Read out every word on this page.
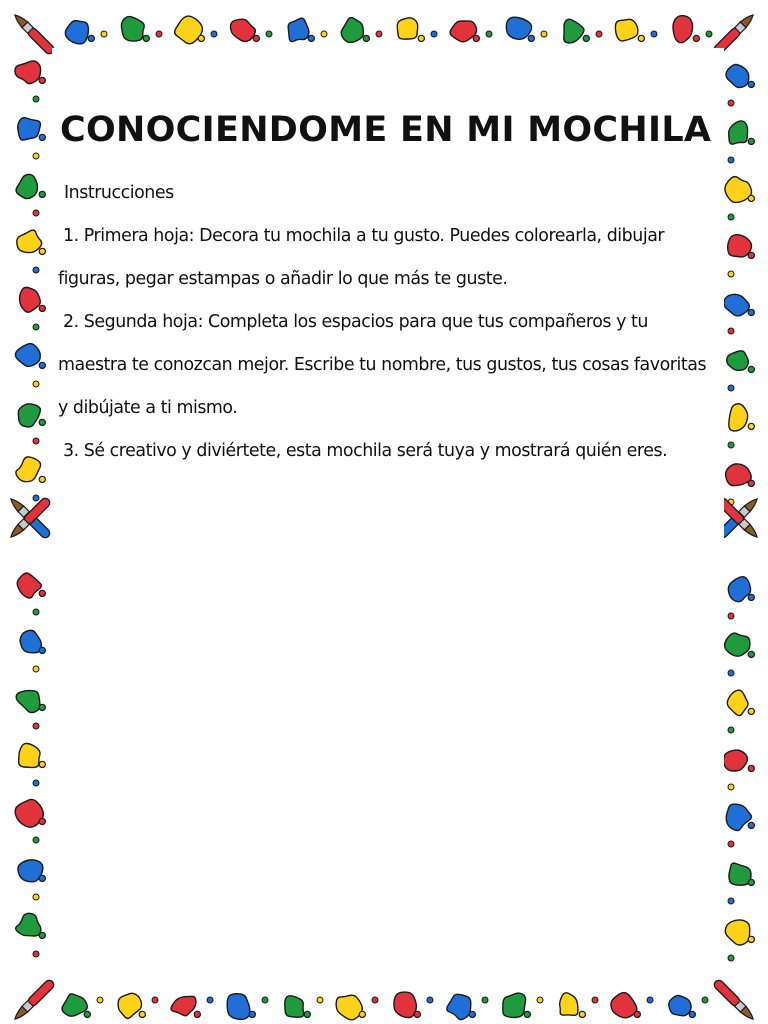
CONOCIENDOME EN MI MOCHILA

Instrucciones

1. Primera hoja: Decora tu mochila a tu gusto. Puedes colorearla, dibujar figuras, pegar estampas o añadir lo que más te guste.

2. Segunda hoja: Completa los espacios para que tus compañeros y tu maestra te conozcan mejor. Escribe tu nombre, tus gustos, tus cosas favoritas y dibújate a ti mismo.

3. Sé creativo y diviértete, esta mochila será tuya y mostrará quién eres.
